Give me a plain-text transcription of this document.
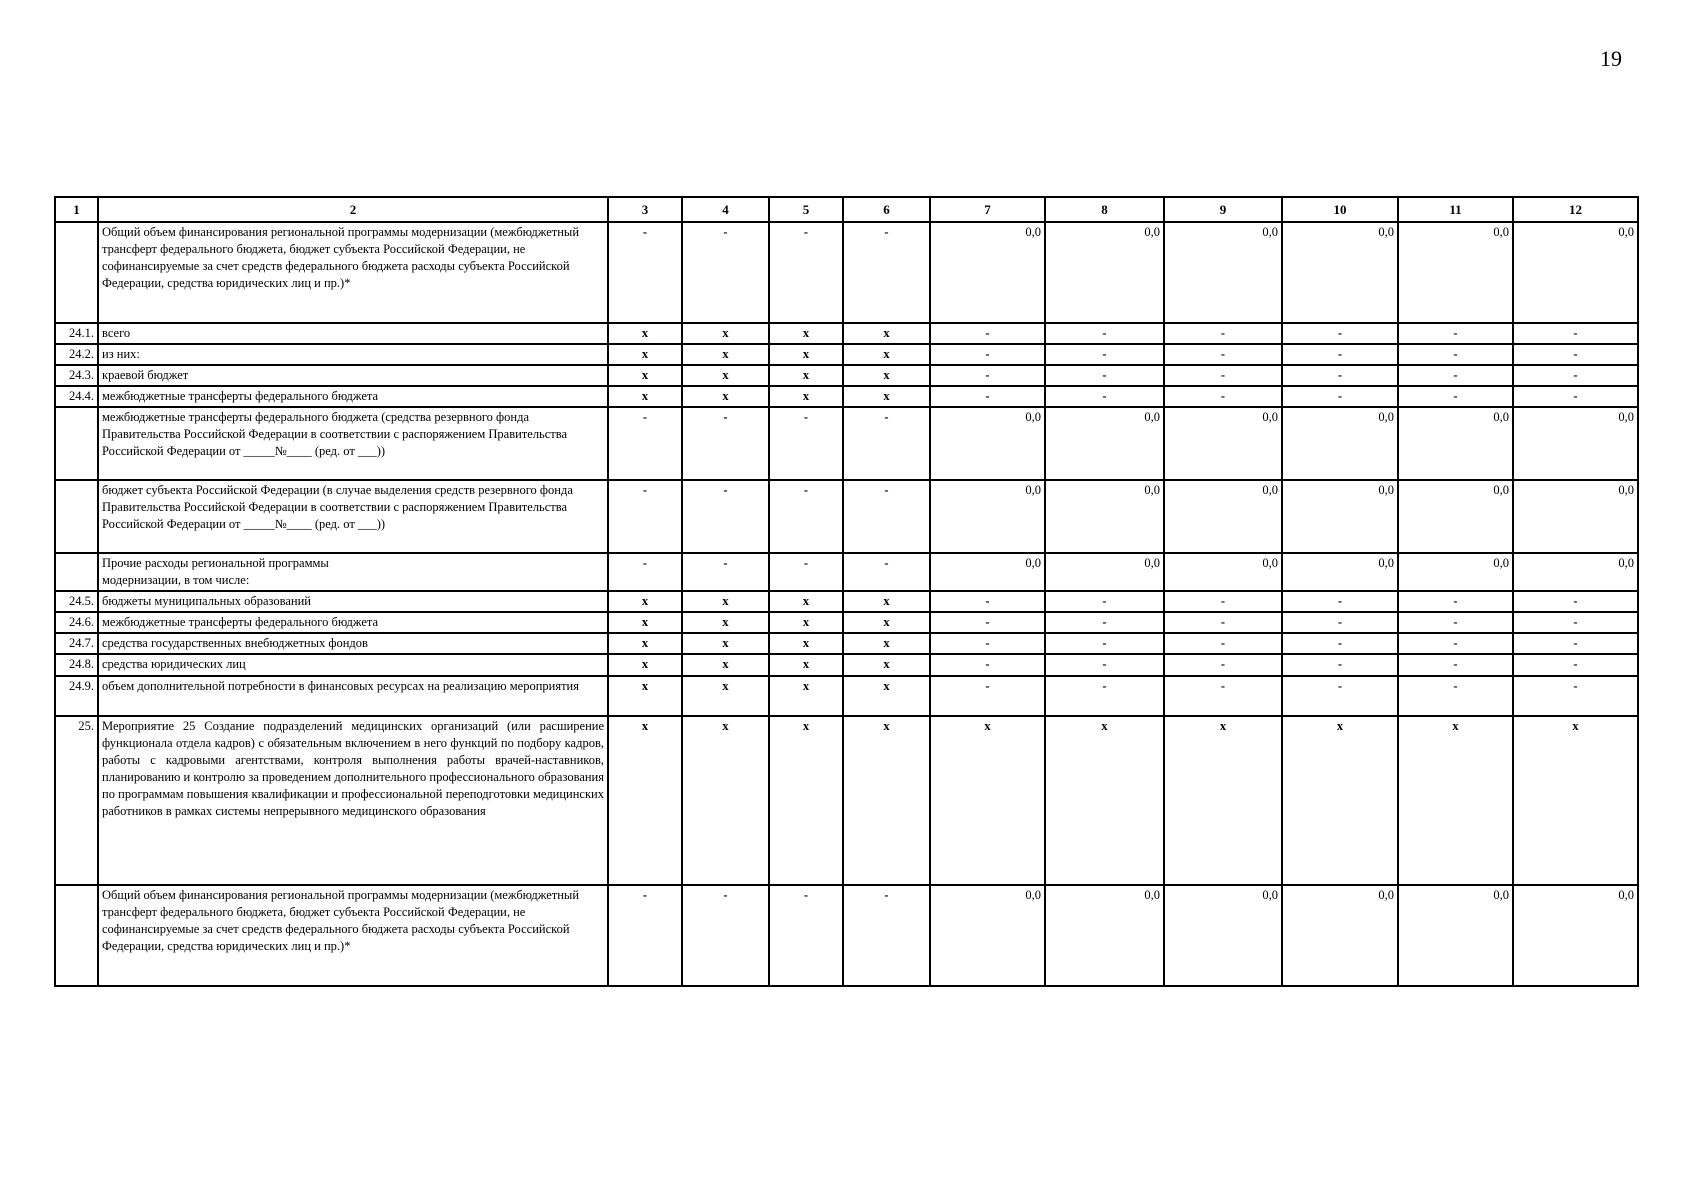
19
1	2	3	4	5	6	7	8	9	10	11	12
	Общий объем финансирования региональной программы модернизации (межбюджетный трансферт федерального бюджета, бюджет субъекта Российской Федерации, не софинансируемые за счет средств федерального бюджета расходы субъекта Российской Федерации, средства юридических лиц и пр.)*	-	-	-	-	0,0	0,0	0,0	0,0	0,0	0,0
24.1.	всего	x	x	x	x	-	-	-	-	-	-
24.2.	из них:	x	x	x	x	-	-	-	-	-	-
24.3.	краевой бюджет	x	x	x	x	-	-	-	-	-	-
24.4.	межбюджетные трансферты федерального бюджета	x	x	x	x	-	-	-	-	-	-
	межбюджетные трансферты федерального бюджета (средства резервного фонда Правительства Российской Федерации в соответствии с распоряжением Правительства Российской Федерации от _____№____ (ред. от ___))	-	-	-	-	0,0	0,0	0,0	0,0	0,0	0,0
	бюджет субъекта Российской Федерации (в случае выделения средств резервного фонда Правительства Российской Федерации в соответствии с распоряжением Правительства Российской Федерации от _____№____ (ред. от ___))	-	-	-	-	0,0	0,0	0,0	0,0	0,0	0,0
	Прочие расходы региональной программы модернизации, в том числе:	-	-	-	-	0,0	0,0	0,0	0,0	0,0	0,0
24.5.	бюджеты муниципальных образований	x	x	x	x	-	-	-	-	-	-
24.6.	межбюджетные трансферты федерального бюджета	x	x	x	x	-	-	-	-	-	-
24.7.	средства государственных внебюджетных фондов	x	x	x	x	-	-	-	-	-	-
24.8.	средства юридических лиц	x	x	x	x	-	-	-	-	-	-
24.9.	объем дополнительной потребности в финансовых ресурсах на реализацию мероприятия	x	x	x	x	-	-	-	-	-	-
25.	Мероприятие 25 Создание подразделений медицинских организаций (или расширение функционала отдела кадров) с обязательным включением в него функций по подбору кадров, работы с кадровыми агентствами, контроля выполнения работы врачей-наставников, планированию и контролю за проведением дополнительного профессионального образования по программам повышения квалификации и профессиональной переподготовки медицинских работников в рамках системы непрерывного медицинского образования	x	x	x	x	x	x	x	x	x	x
	Общий объем финансирования региональной программы модернизации (межбюджетный трансферт федерального бюджета, бюджет субъекта Российской Федерации, не софинансируемые за счет средств федерального бюджета расходы субъекта Российской Федерации, средства юридических лиц и пр.)*	-	-	-	-	0,0	0,0	0,0	0,0	0,0	0,0
